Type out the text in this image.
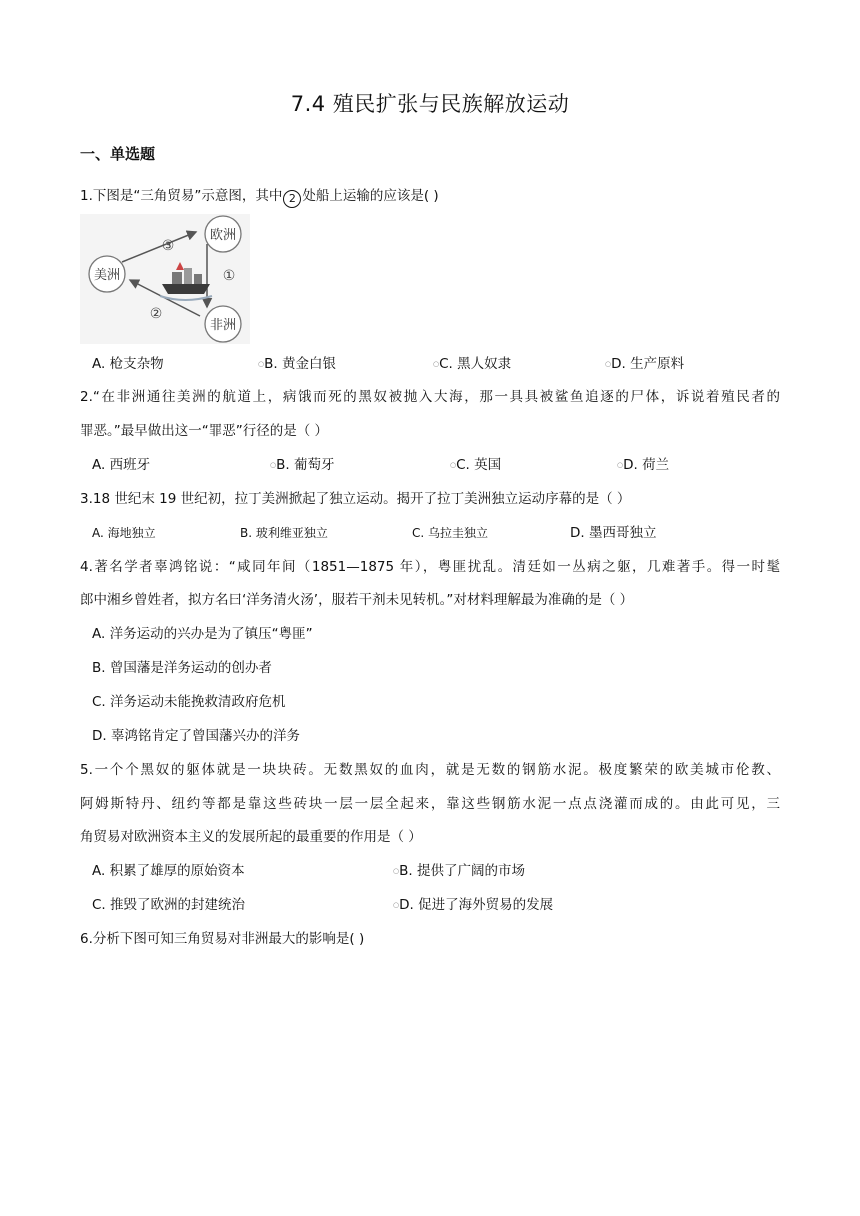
7.4 殖民扩张与民族解放运动
一、单选题
1.下图是“三角贸易”示意图，其中 2 处船上运输的应该是( )
欧洲
美洲
非洲
③
①
②
A. 枪支杂物	○B. 黄金白银	○C. 黑人奴隶	○D. 生产原料
2.“在非洲通往美洲的航道上，病饿而死的黑奴被抛入大海，那一具具被鲨鱼追逐的尸体，诉说着殖民者的
罪恶。”最早做出这一“罪恶”行径的是（ ）
A. 西班牙	○B. 葡萄牙	○C. 英国	○D. 荷兰
3.18 世纪末 19 世纪初，拉丁美洲掀起了独立运动。揭开了拉丁美洲独立运动序幕的是（ ）
A. 海地独立	B. 玻利维亚独立	C. 乌拉圭独立	D. 墨西哥独立
4.著名学者辜鸿铭说：“咸同年间（1851—1875 年），粤匪扰乱。清廷如一丛病之躯，几难著手。得一时髦
郎中湘乡曾姓者，拟方名曰‘洋务清火汤’，服若干剂未见转机。”对材料理解最为准确的是（ ）
A. 洋务运动的兴办是为了镇压“粤匪”
B. 曾国藩是洋务运动的创办者
C. 洋务运动未能挽救清政府危机
D. 辜鸿铭肯定了曾国藩兴办的洋务
5.一个个黑奴的躯体就是一块块砖。无数黑奴的血肉，就是无数的钢筋水泥。极度繁荣的欧美城市伦教、
阿姆斯特丹、纽约等都是靠这些砖块一层一层全起来，靠这些钢筋水泥一点点浇灌而成的。由此可见，三
角贸易对欧洲资本主义的发展所起的最重要的作用是（ ）
A. 积累了雄厚的原始资本	○B. 提供了广阔的市场
C. 推毁了欧洲的封建统治	○D. 促进了海外贸易的发展
6.分析下图可知三角贸易对非洲最大的影响是( )
